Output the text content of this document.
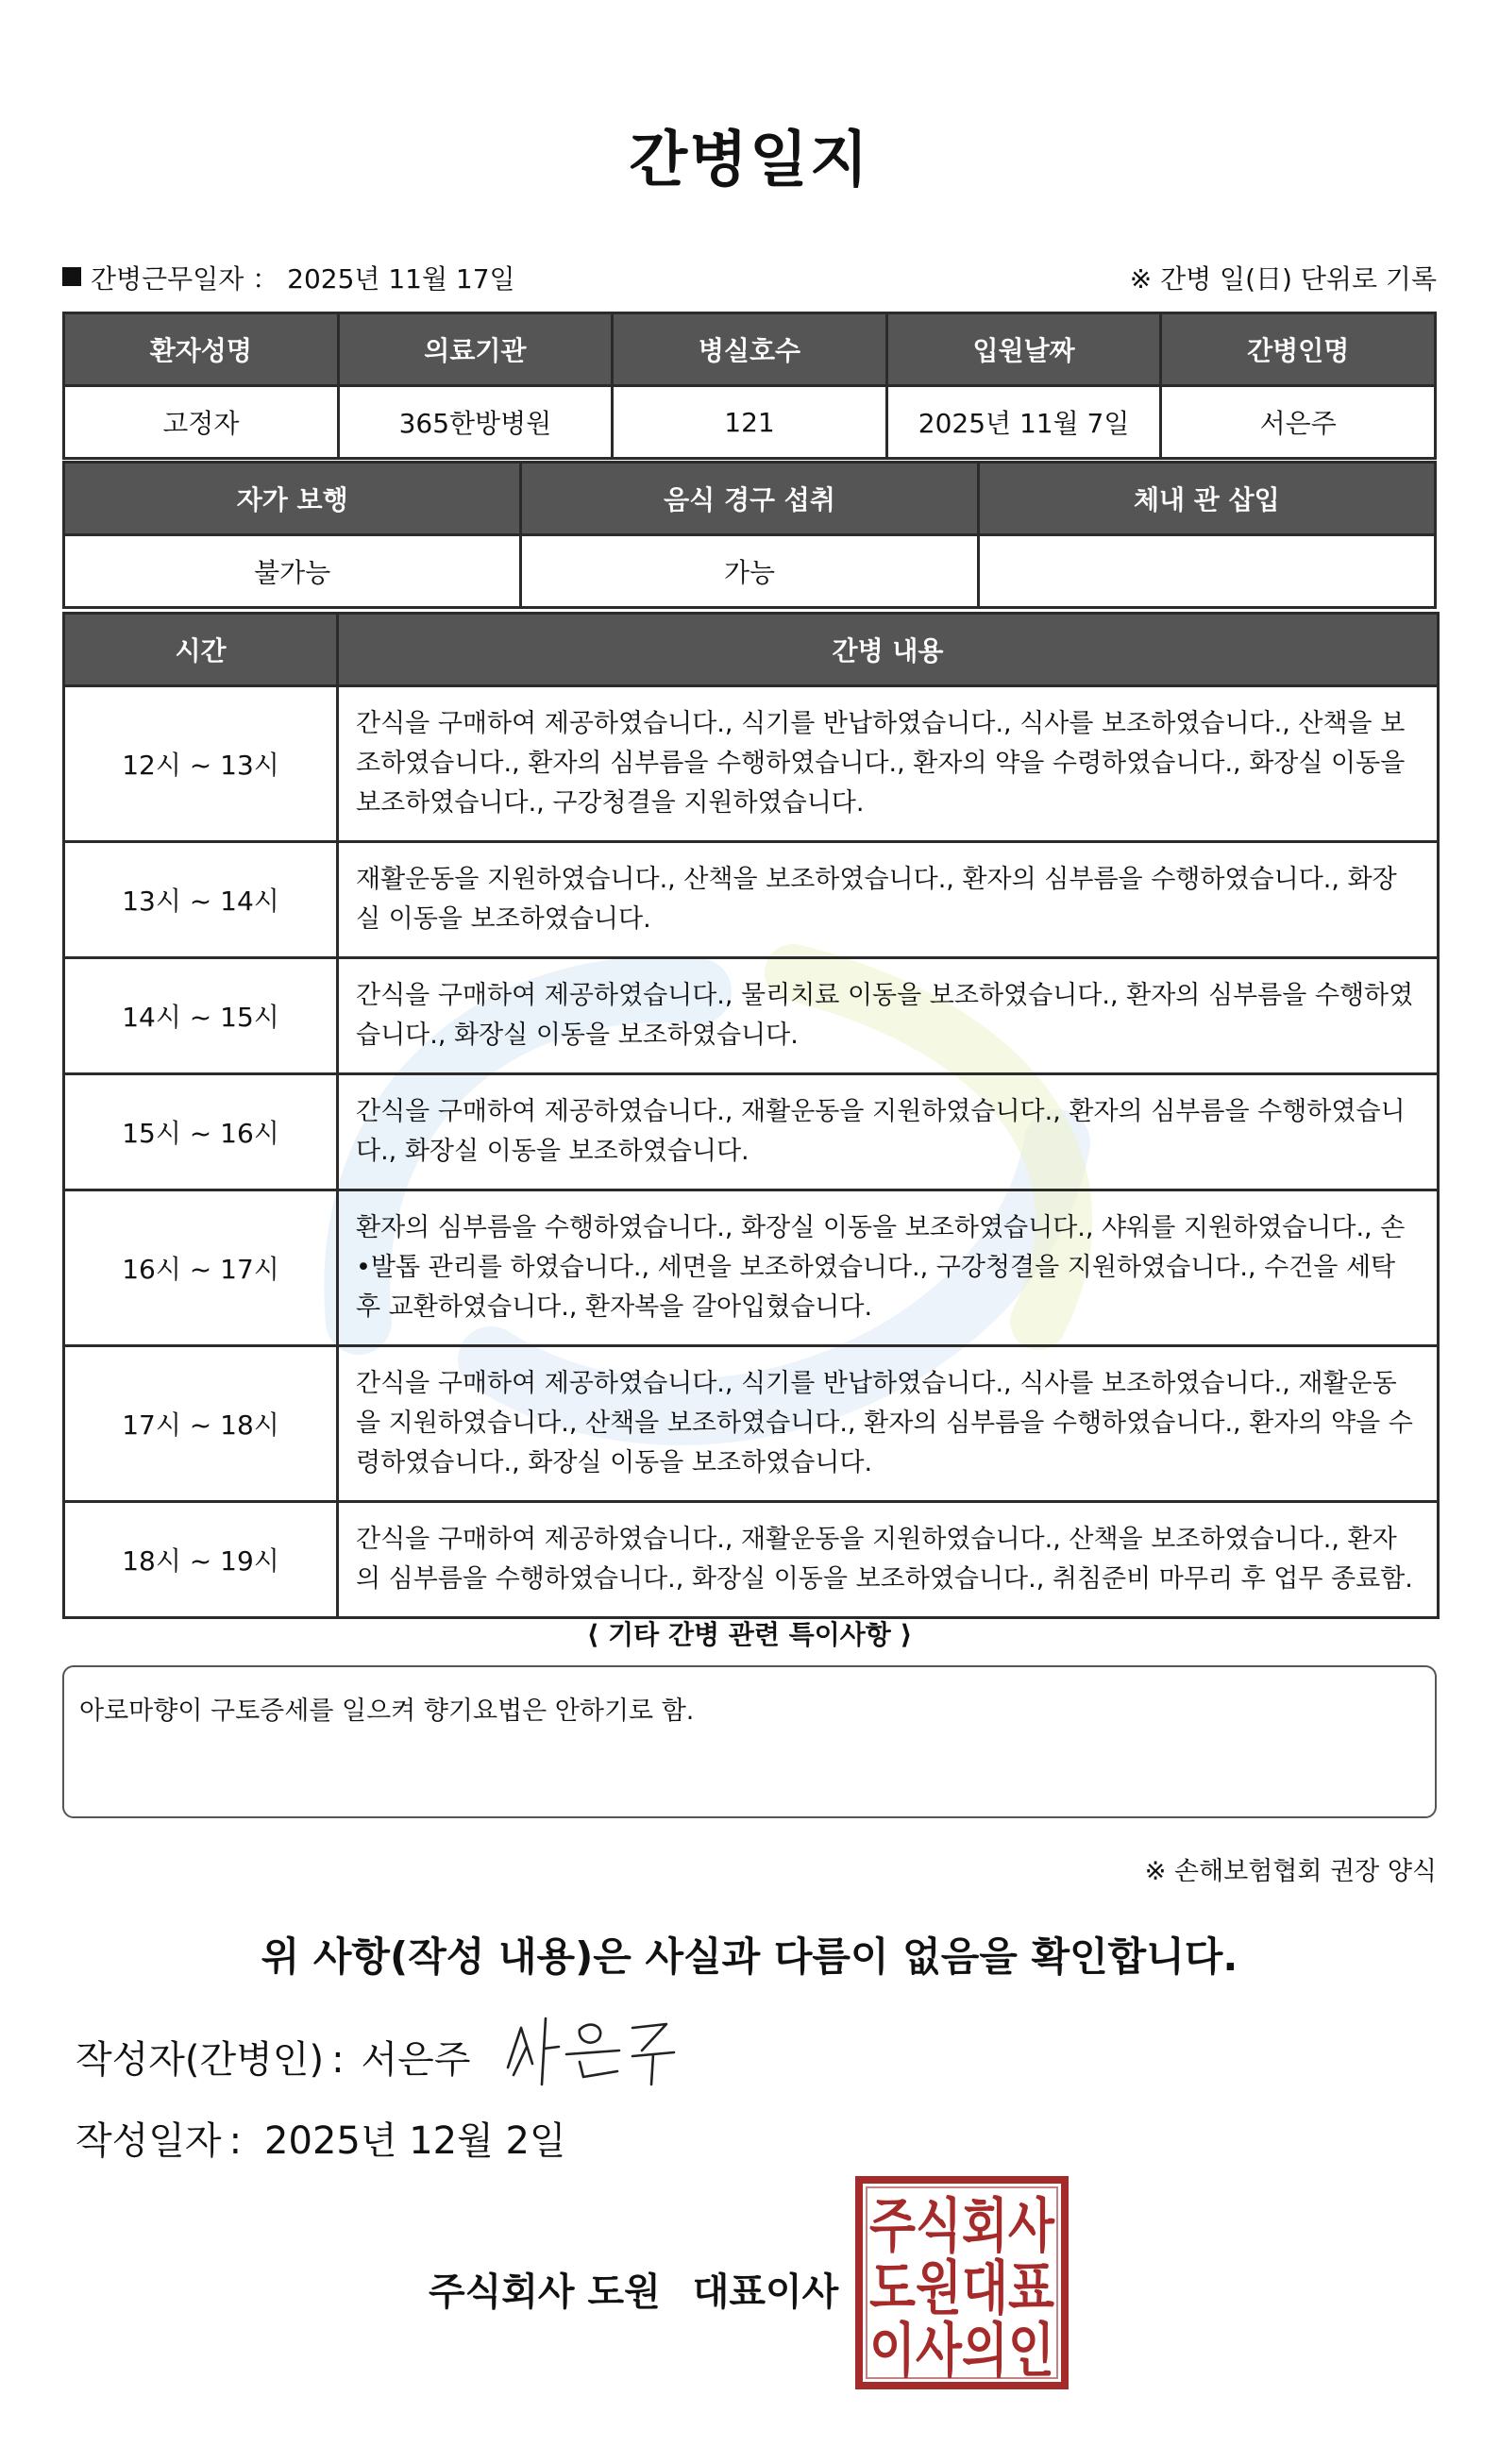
간병일지
간병근무일자 ： 2025년 11월 17일	※ 간병 일(日) 단위로 기록
환자성명	의료기관	병실호수	입원날짜	간병인명
고정자	365한방병원	121	2025년 11월 7일	서은주
자가 보행	음식 경구 섭취	체내 관 삽입
불가능	가능	
시간	간병 내용
12시 ~ 13시	간식을 구매하여 제공하였습니다., 식기를 반납하였습니다., 식사를 보조하였습니다., 산책을 보조하였습니다., 환자의 심부름을 수행하였습니다., 환자의 약을 수령하였습니다., 화장실 이동을 보조하였습니다., 구강청결을 지원하였습니다.
13시 ~ 14시	재활운동을 지원하였습니다., 산책을 보조하였습니다., 환자의 심부름을 수행하였습니다., 화장실 이동을 보조하였습니다.
14시 ~ 15시	간식을 구매하여 제공하였습니다., 물리치료 이동을 보조하였습니다., 환자의 심부름을 수행하였습니다., 화장실 이동을 보조하였습니다.
15시 ~ 16시	간식을 구매하여 제공하였습니다., 재활운동을 지원하였습니다., 환자의 심부름을 수행하였습니다., 화장실 이동을 보조하였습니다.
16시 ~ 17시	환자의 심부름을 수행하였습니다., 화장실 이동을 보조하였습니다., 샤워를 지원하였습니다., 손•발톱 관리를 하였습니다., 세면을 보조하였습니다., 구강청결을 지원하였습니다., 수건을 세탁 후 교환하였습니다., 환자복을 갈아입혔습니다.
17시 ~ 18시	간식을 구매하여 제공하였습니다., 식기를 반납하였습니다., 식사를 보조하였습니다., 재활운동을 지원하였습니다., 산책을 보조하였습니다., 환자의 심부름을 수행하였습니다., 환자의 약을 수령하였습니다., 화장실 이동을 보조하였습니다.
18시 ~ 19시	간식을 구매하여 제공하였습니다., 재활운동을 지원하였습니다., 산책을 보조하였습니다., 환자의 심부름을 수행하였습니다., 화장실 이동을 보조하였습니다., 취침준비 마무리 후 업무 종료함.
⟨ 기타 간병 관련 특이사항 ⟩
아로마향이 구토증세를 일으켜 향기요법은 안하기로 함.
※ 손해보험협회 권장 양식
위 사항(작성 내용)은 사실과 다름이 없음을 확인합니다.
작성자(간병인) : 서은주
작성일자 : 2025년 12월 2일
주식회사 도원 대표이사
주식회사
도원대표
이사의인
